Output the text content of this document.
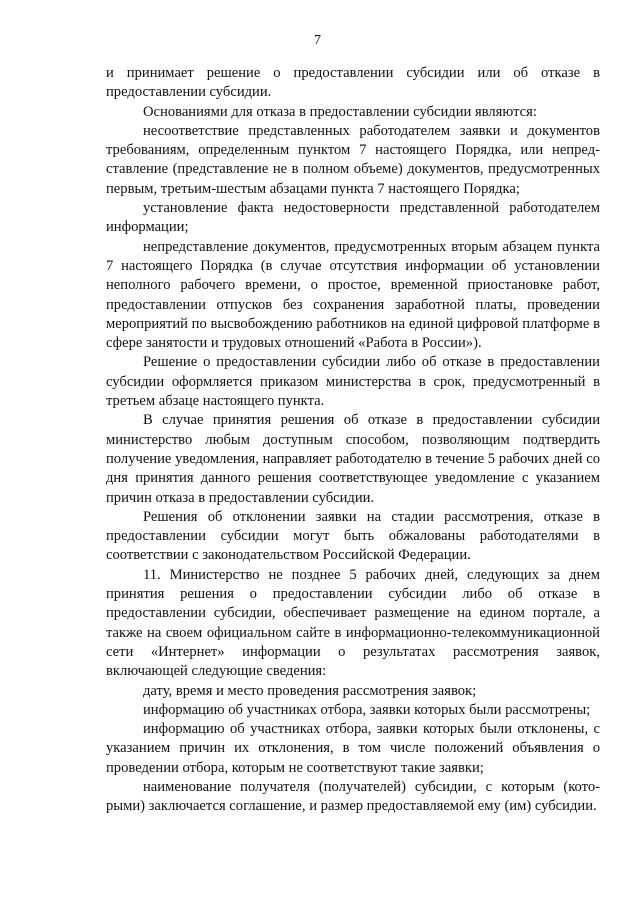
7

и принимает решение о предоставлении субсидии или об отказе в предоставлении субсидии.

Основаниями для отказа в предоставлении субсидии являются:

несоответствие представленных работодателем заявки и документов требованиям, определенным пунктом 7 настоящего Порядка, или непредставление (представление не в полном объеме) документов, предусмотренных первым, третьим-шестым абзацами пункта 7 настоящего Порядка;

установление факта недостоверности представленной работодателем информации;

непредставление документов, предусмотренных вторым абзацем пункта 7 настоящего Порядка (в случае отсутствия информации об установлении неполного рабочего времени, о простое, временной приостановке работ, предоставлении отпусков без сохранения заработной платы, проведении мероприятий по высвобождению работников на единой цифровой платформе в сфере занятости и трудовых отношений «Работа в России»).

Решение о предоставлении субсидии либо об отказе в предоставлении субсидии оформляется приказом министерства в срок, предусмотренный в третьем абзаце настоящего пункта.

В случае принятия решения об отказе в предоставлении субсидии министерство любым доступным способом, позволяющим подтвердить получение уведомления, направляет работодателю в течение 5 рабочих дней со дня принятия данного решения соответствующее уведомление с указанием причин отказа в предоставлении субсидии.

Решения об отклонении заявки на стадии рассмотрения, отказе в предоставлении субсидии могут быть обжалованы работодателями в соответствии с законодательством Российской Федерации.

11. Министерство не позднее 5 рабочих дней, следующих за днем принятия решения о предоставлении субсидии либо об отказе в предоставлении субсидии, обеспечивает размещение на едином портале, а также на своем официальном сайте в информационно-телекоммуникационной сети «Интернет» информации о результатах рассмотрения заявок, включающей следующие сведения:

дату, время и место проведения рассмотрения заявок;

информацию об участниках отбора, заявки которых были рассмотрены;

информацию об участниках отбора, заявки которых были отклонены, с указанием причин их отклонения, в том числе положений объявления о проведении отбора, которым не соответствуют такие заявки;

наименование получателя (получателей) субсидии, с которым (которыми) заключается соглашение, и размер предоставляемой ему (им) субсидии.
